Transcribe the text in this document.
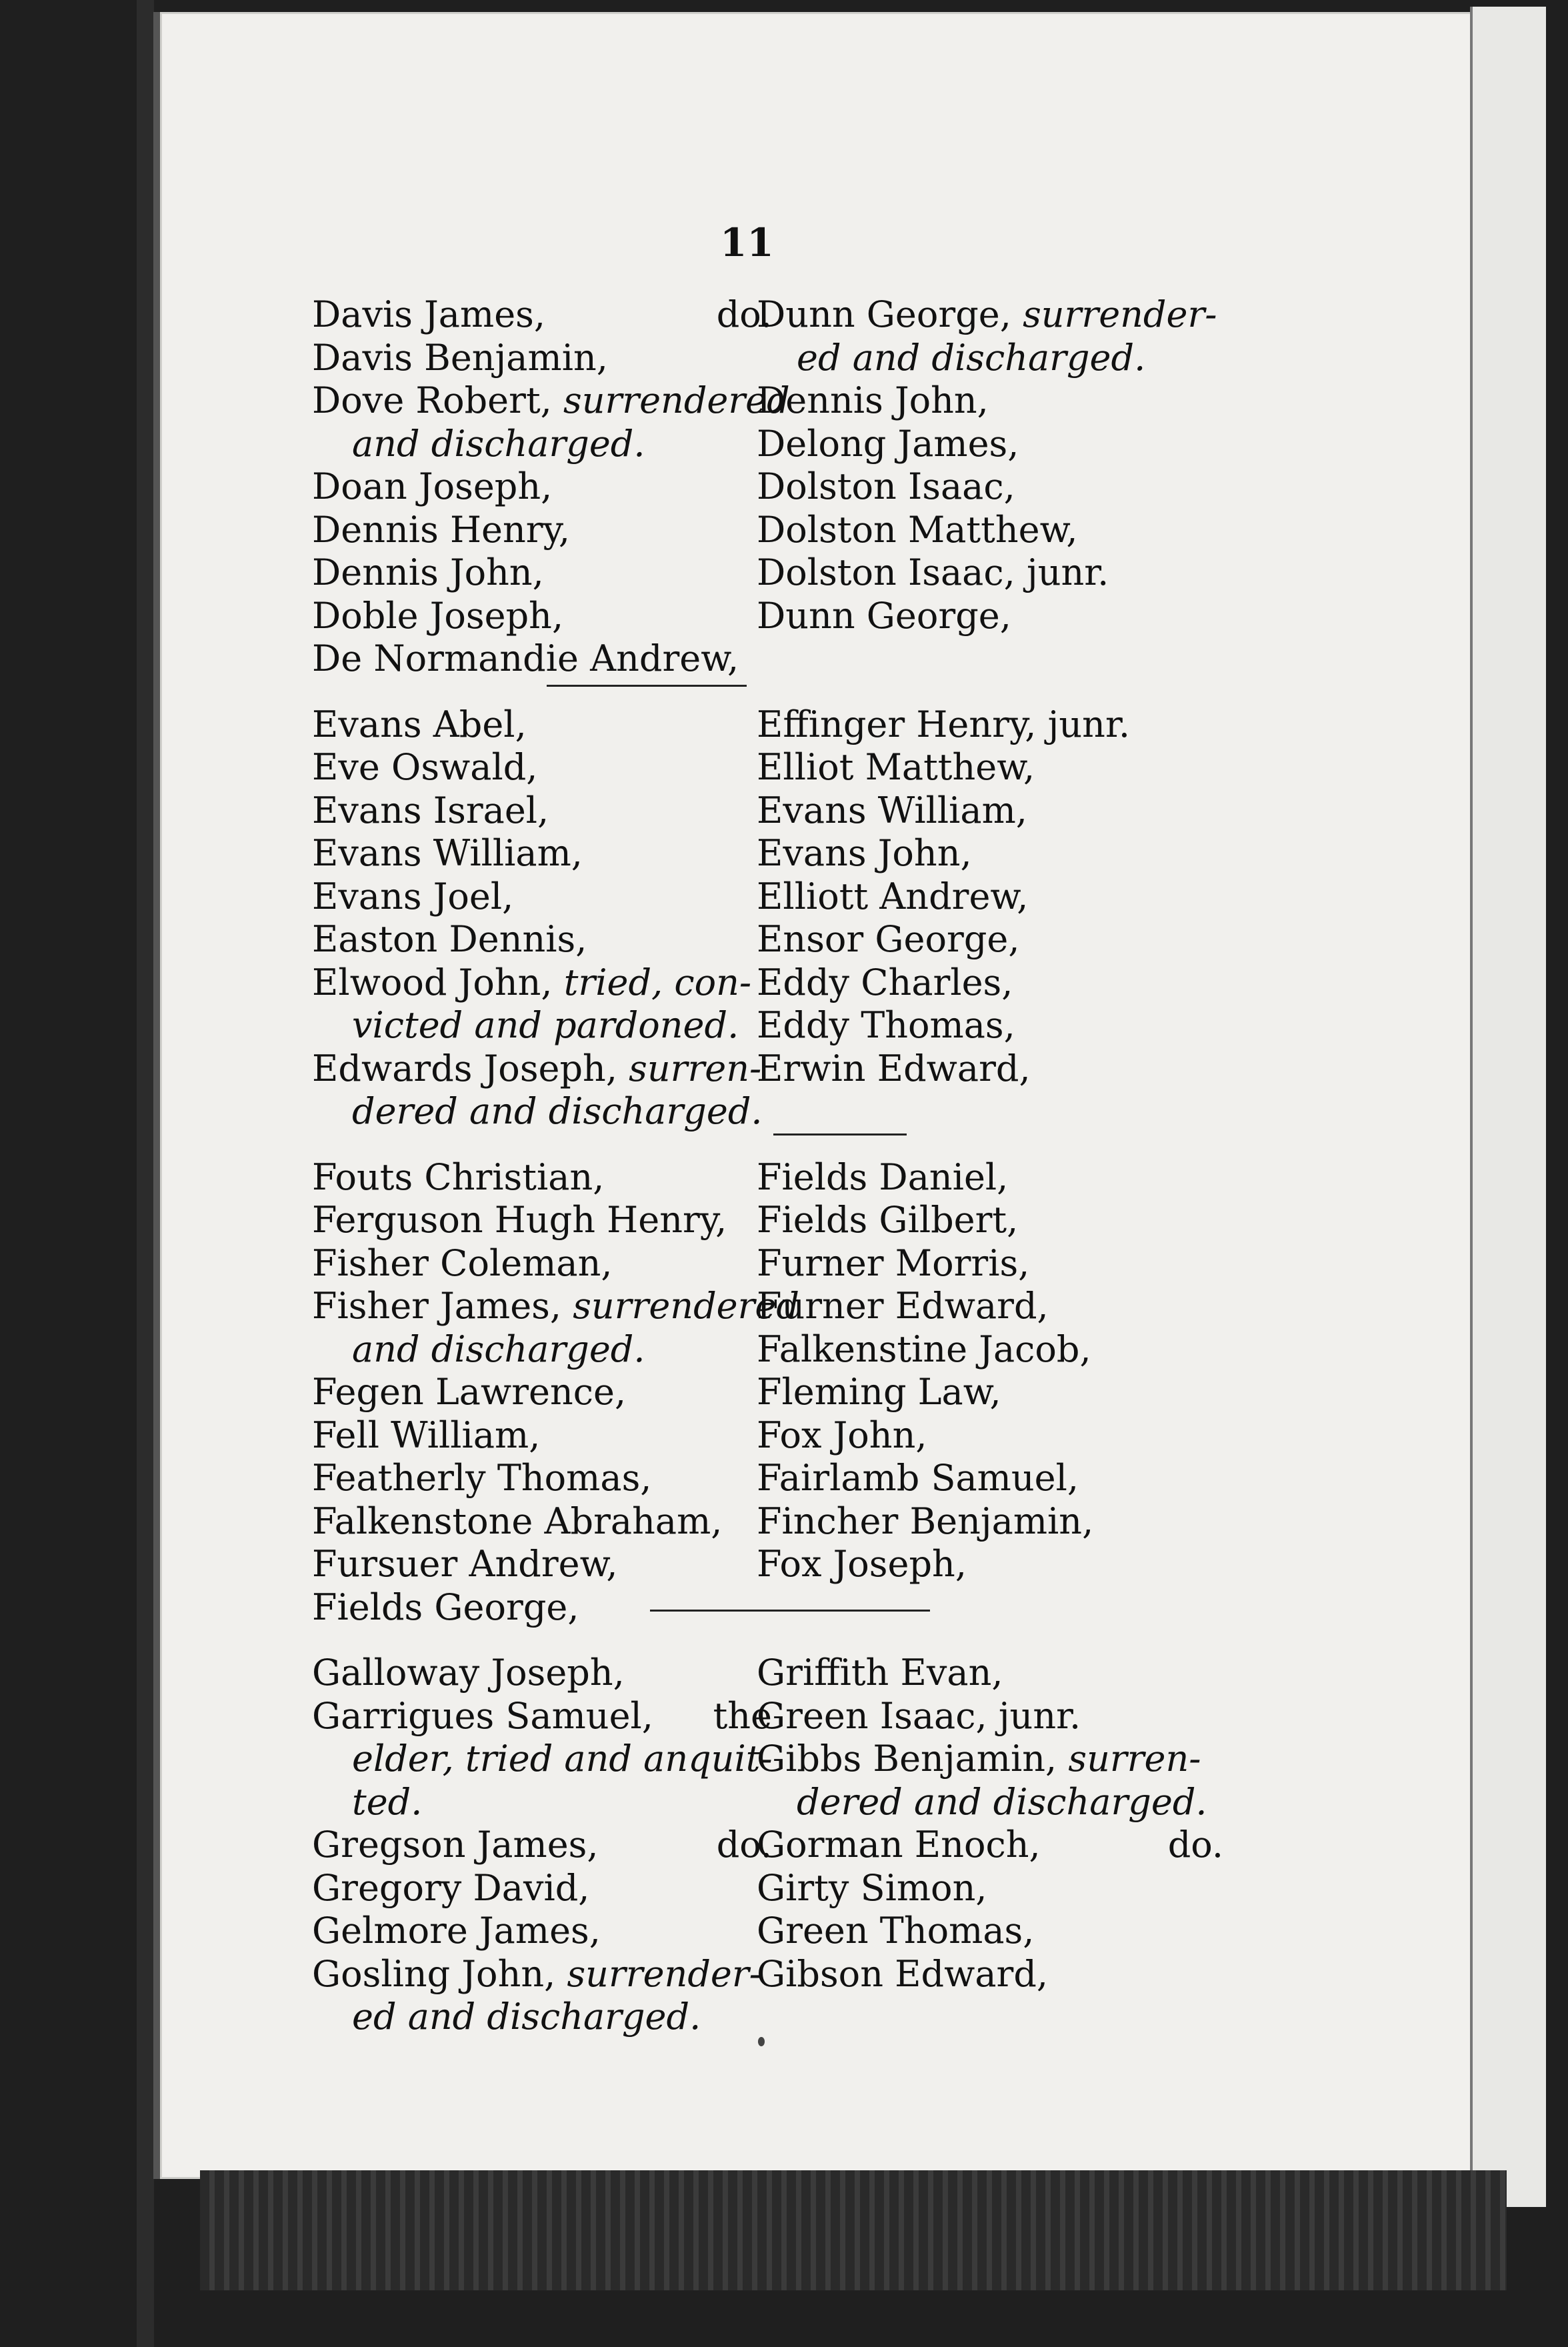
11
Davis James,	do.
Davis Benjamin,
Dove Robert, surrendered
and discharged.
Doan Joseph,
Dennis Henry,
Dennis John,
Doble Joseph,
De Normandie Andrew,
Evans Abel,
Eve Oswald,
Evans Israel,
Evans William,
Evans Joel,
Easton Dennis,
Elwood John, tried, con-
victed and pardoned.
Edwards Joseph, surren-
dered and discharged.
Fouts Christian,
Ferguson Hugh Henry,
Fisher Coleman,
Fisher James, surrendered
and discharged.
Fegen Lawrence,
Fell William,
Featherly Thomas,
Falkenstone Abraham,
Fursuer Andrew,
Fields George,
Galloway Joseph,
Garrigues Samuel, the
elder, tried and anquit-
ted.
Gregson James,	do.
Gregory David,
Gelmore James,
Gosling John, surrender-
ed and discharged.
Dunn George, surrender-
ed and discharged.
Dennis John,
Delong James,
Dolston Isaac,
Dolston Matthew,
Dolston Isaac, junr.
Dunn George,
Effinger Henry, junr.
Elliot Matthew,
Evans William,
Evans John,
Elliott Andrew,
Ensor George,
Eddy Charles,
Eddy Thomas,
Erwin Edward,
Fields Daniel,
Fields Gilbert,
Furner Morris,
Furner Edward,
Falkenstine Jacob,
Fleming Law,
Fox John,
Fairlamb Samuel,
Fincher Benjamin,
Fox Joseph,
Griffith Evan,
Green Isaac, junr.
Gibbs Benjamin, surren-
dered and discharged.
Gorman Enoch,	do.
Girty Simon,
Green Thomas,
Gibson Edward,
